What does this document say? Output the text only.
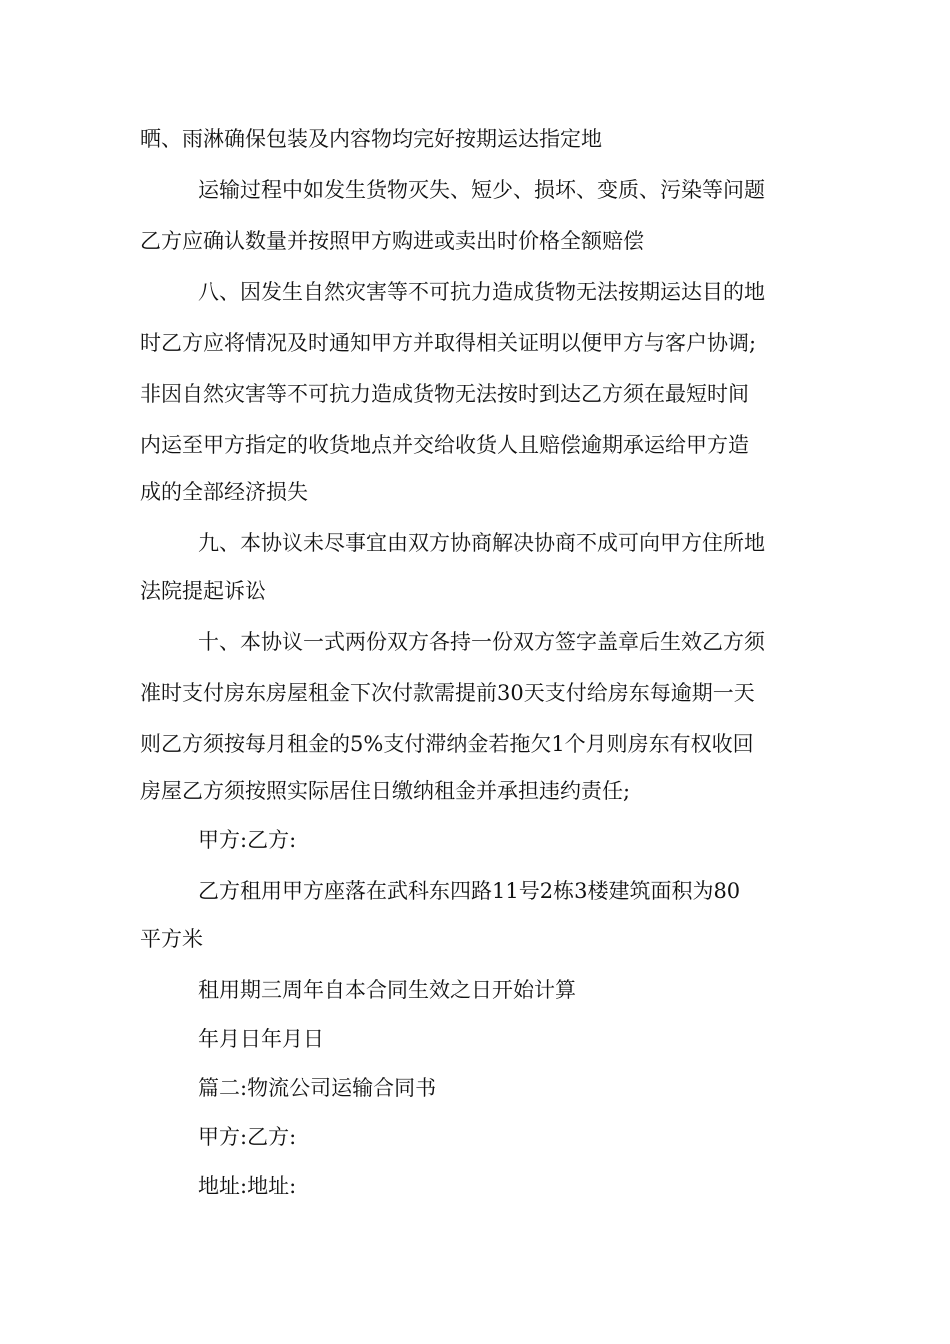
晒、雨淋确保包装及内容物均完好按期运达指定地

运输过程中如发生货物灭失、短少、损坏、变质、污染等问题

乙方应确认数量并按照甲方购进或卖出时价格全额赔偿

八、因发生自然灾害等不可抗力造成货物无法按期运达目的地

时乙方应将情况及时通知甲方并取得相关证明以便甲方与客户协调;

非因自然灾害等不可抗力造成货物无法按时到达乙方须在最短时间

内运至甲方指定的收货地点并交给收货人且赔偿逾期承运给甲方造

成的全部经济损失

九、本协议未尽事宜由双方协商解决协商不成可向甲方住所地

法院提起诉讼

十、本协议一式两份双方各持一份双方签字盖章后生效乙方须

准时支付房东房屋租金下次付款需提前30天支付给房东每逾期一天

则乙方须按每月租金的5%支付滞纳金若拖欠1个月则房东有权收回

房屋乙方须按照实际居住日缴纳租金并承担违约责任;

甲方:乙方:

乙方租用甲方座落在武科东四路11号2栋3楼建筑面积为80

平方米

租用期三周年自本合同生效之日开始计算

年月日年月日

篇二:物流公司运输合同书

甲方:乙方:

地址:地址:
